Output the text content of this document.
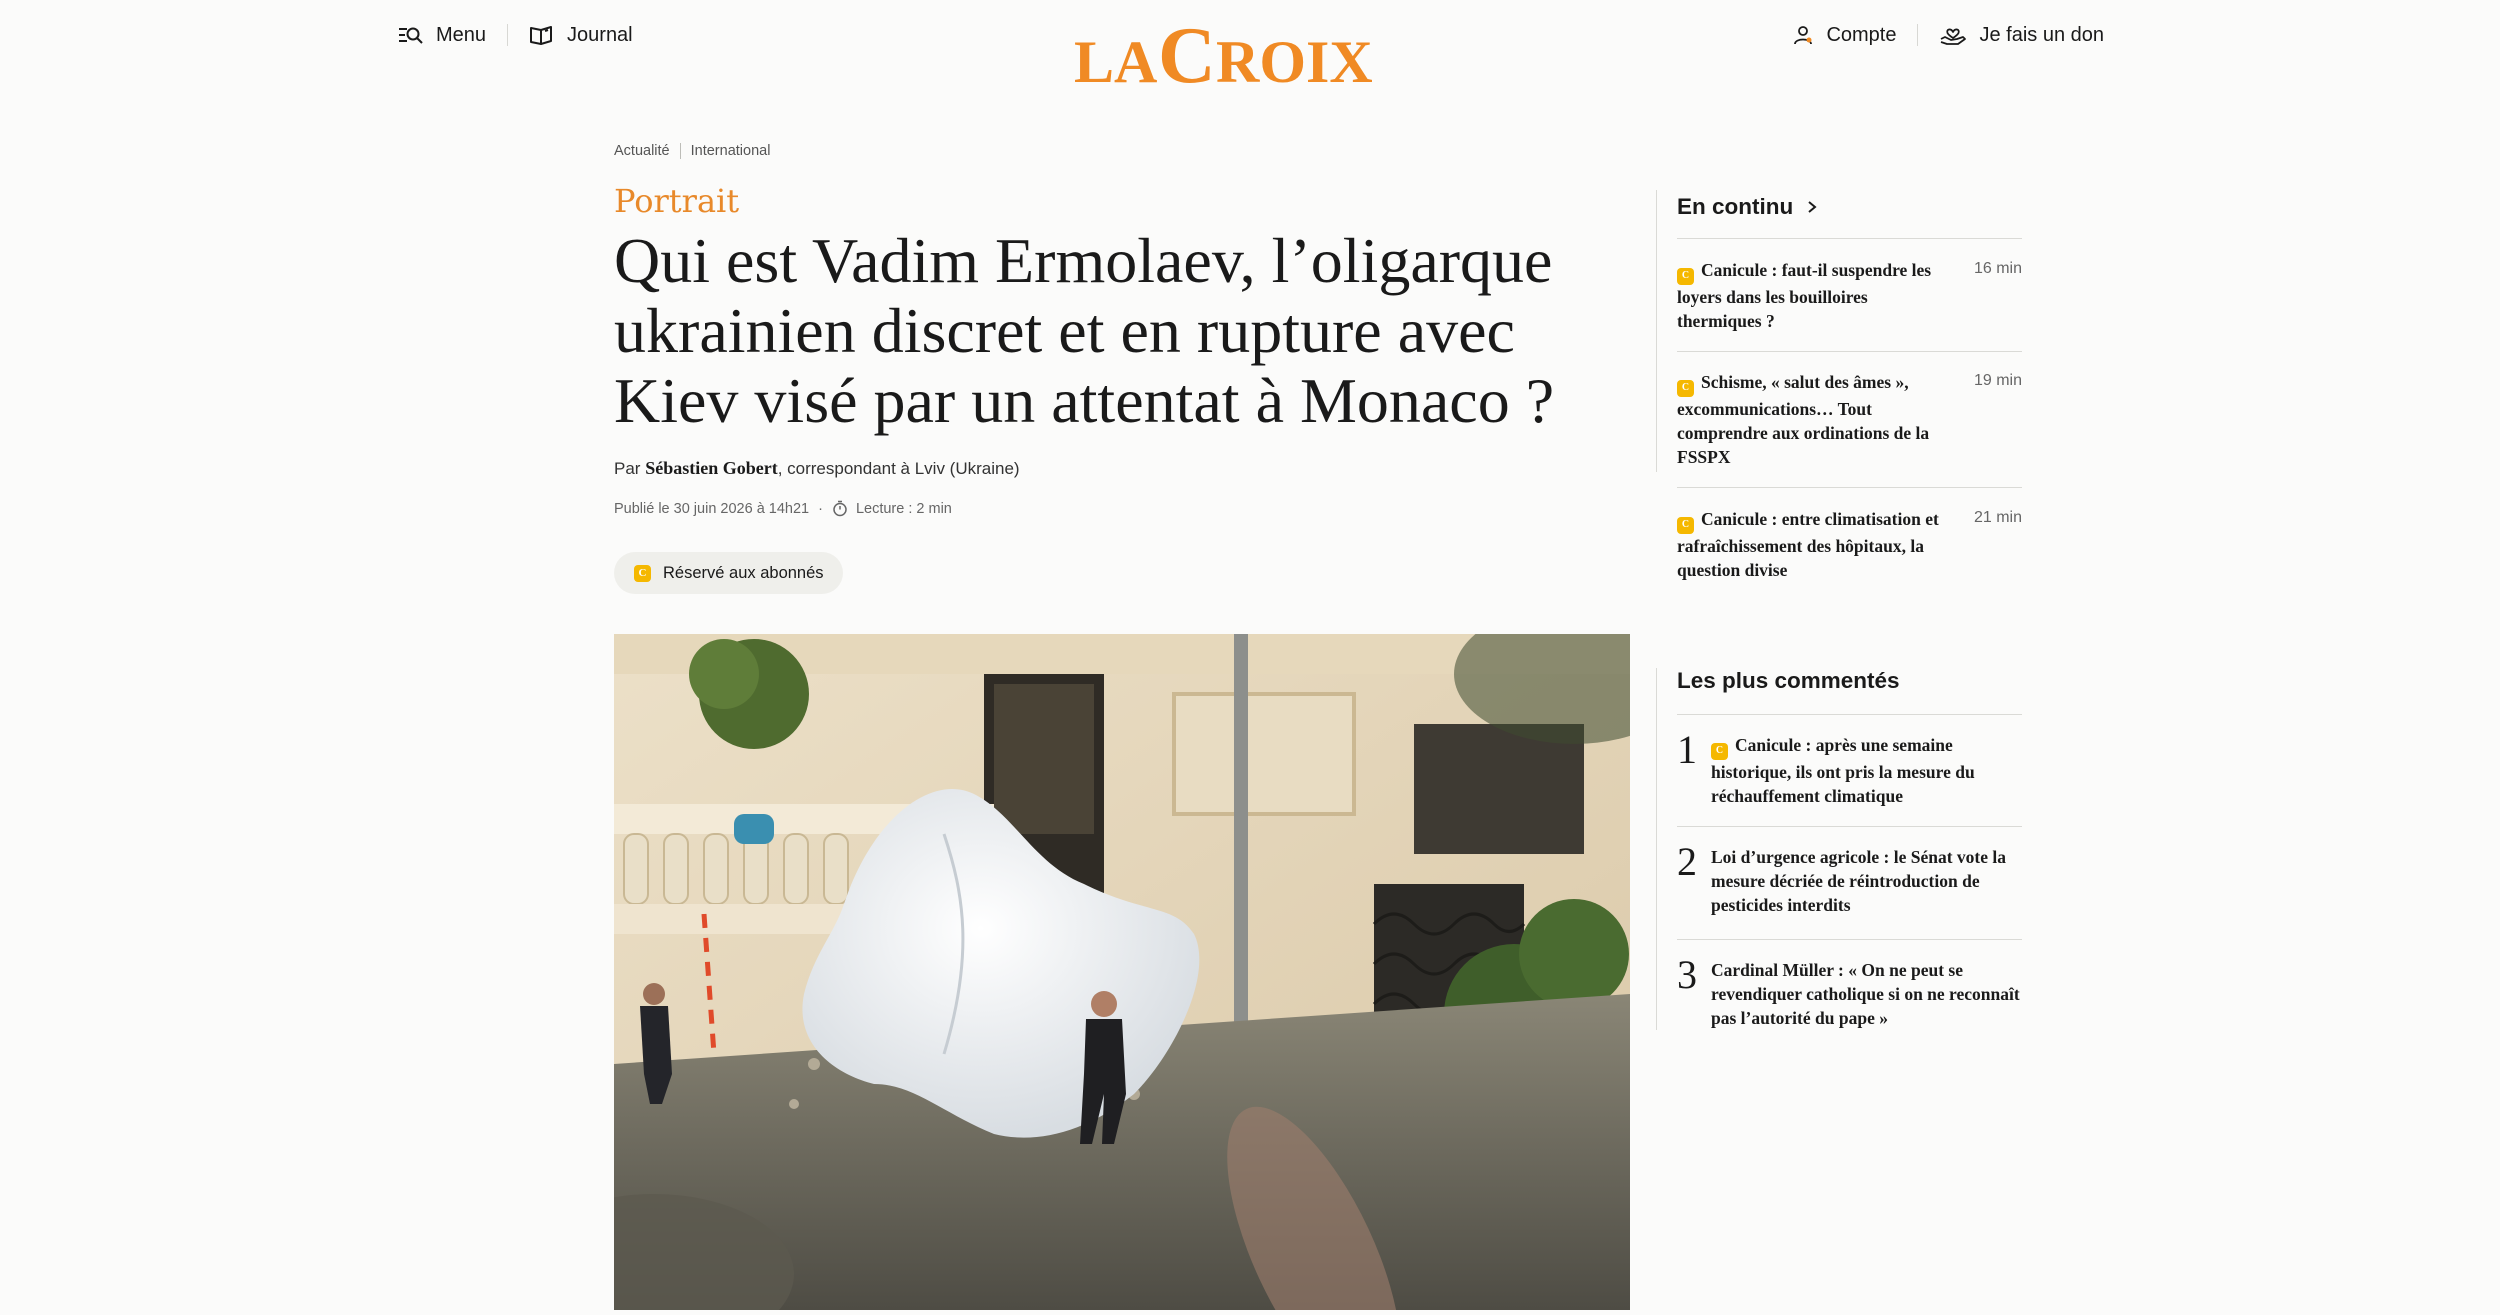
Menu	Journal	LA C ROIX	Compte	Je fais un don
Actualité International
Portrait
Qui est Vadim Ermolaev, l’oligarque ukrainien discret et en rupture avec Kiev visé par un attentat à Monaco ?
Par Sébastien Gobert, correspondant à Lviv (Ukraine)
Publié le 30 juin 2026 à 14h21 · Lecture : 2 min
C Réservé aux abonnés
En continu
C Canicule : faut-il suspendre les loyers dans les bouilloires thermiques ?
16 min
C Schisme, « salut des âmes », excommunications… Tout comprendre aux ordinations de la FSSPX
19 min
C Canicule : entre climatisation et rafraîchissement des hôpitaux, la question divise
21 min
Les plus commentés
1	C Canicule : après une semaine historique, ils ont pris la mesure du réchauffement climatique
2 Loi d’urgence agricole : le Sénat vote la mesure décriée de réintroduction de pesticides interdits
3 Cardinal Müller : « On ne peut se revendiquer catholique si on ne reconnaît pas l’autorité du pape »
